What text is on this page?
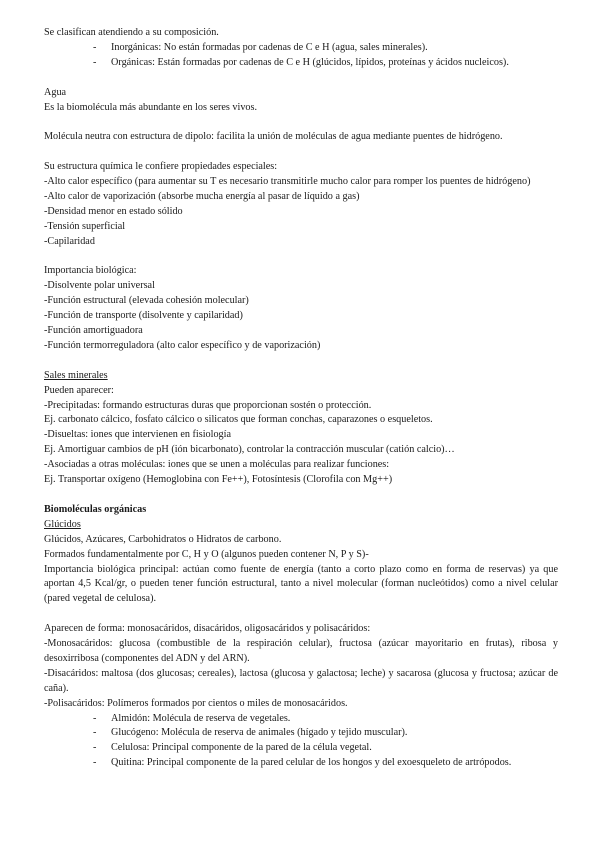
Se clasifican atendiendo a su composición.
-	Inorgánicas: No están formadas por cadenas de C e H (agua, sales minerales).
-	Orgánicas: Están formadas por cadenas de C e H (glúcidos, lípidos, proteínas y ácidos nucleicos).
Agua
Es la biomolécula más abundante en los seres vivos.
Molécula neutra con estructura de dipolo: facilita la unión de moléculas de agua mediante puentes de hidrógeno.
Su estructura química le confiere propiedades especiales:
-Alto calor específico (para aumentar su T es necesario transmitirle mucho calor para romper los puentes de hidrógeno)
-Alto calor de vaporización (absorbe mucha energía al pasar de líquido a gas)
-Densidad menor en estado sólido
-Tensión superficial
-Capilaridad
Importancia biológica:
-Disolvente polar universal
-Función estructural (elevada cohesión molecular)
-Función de transporte (disolvente y capilaridad)
-Función amortiguadora
-Función termorreguladora (alto calor específico y de vaporización)
Sales minerales
Pueden aparecer:
-Precipitadas: formando estructuras duras que proporcionan sostén o protección.
Ej. carbonato cálcico, fosfato cálcico o silicatos que forman conchas, caparazones o esqueletos.
-Disueltas: iones que intervienen en fisiología
Ej. Amortiguar cambios de pH (ión bicarbonato), controlar la contracción muscular (catión calcio)…
-Asociadas a otras moléculas: iones que se unen a moléculas para realizar funciones:
Ej. Transportar oxígeno (Hemoglobina con Fe++), Fotosíntesis (Clorofila con Mg++)
Biomoléculas orgánicas
Glúcidos
Glúcidos, Azúcares, Carbohidratos o Hidratos de carbono.
Formados fundamentalmente por C, H y O (algunos pueden contener N, P y S)-
Importancia biológica principal: actúan como fuente de energía (tanto a corto plazo como en forma de reservas) ya que aportan 4,5 Kcal/gr, o pueden tener función estructural, tanto a nivel molecular (forman nucleótidos) como a nivel celular (pared vegetal de celulosa).
Aparecen de forma: monosacáridos, disacáridos, oligosacáridos y polisacáridos:
-Monosacáridos: glucosa (combustible de la respiración celular), fructosa (azúcar mayoritario en frutas), ribosa y desoxirribosa (componentes del ADN y del ARN).
-Disacáridos: maltosa (dos glucosas; cereales), lactosa (glucosa y galactosa; leche) y sacarosa (glucosa y fructosa; azúcar de caña).
-Polisacáridos: Polímeros formados por cientos o miles de monosacáridos.
-	Almidón: Molécula de reserva de vegetales.
-	Glucógeno: Molécula de reserva de animales (hígado y tejido muscular).
-	Celulosa: Principal componente de la pared de la célula vegetal.
-	Quitina: Principal componente de la pared celular de los hongos y del exoesqueleto de artrópodos.
